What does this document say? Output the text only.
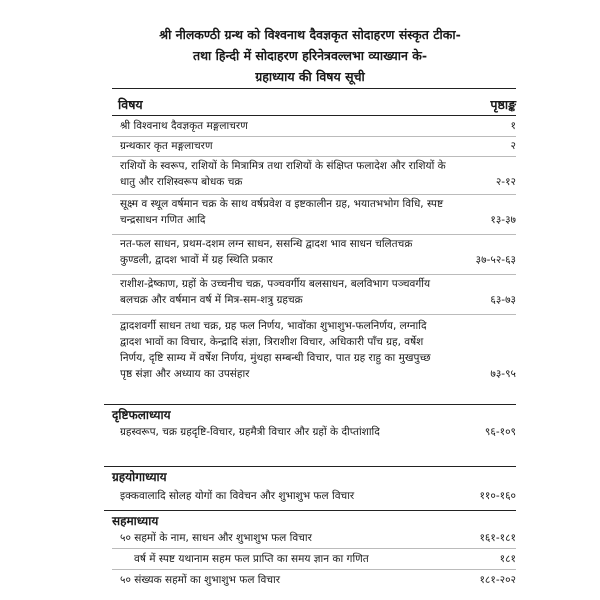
श्री नीलकण्ठी ग्रन्थ को विश्वनाथ दैवज्ञकृत सोदाहरण संस्कृत टीका-
तथा हिन्दी में सोदाहरण हरिनेत्रवल्लभा व्याख्यान के-
ग्रहाध्याय की विषय सूची
विषय	पृष्ठाङ्क
श्री विश्वनाथ दैवज्ञकृत मङ्गलाचरण	१
ग्रन्थकार कृत मङ्गलाचरण	२
राशियों के स्वरूप, राशियों के मित्रामित्र तथा राशियों के संक्षिप्त फलादेश और राशियों के धातु और राशिस्वरूप बोधक चक्र	२-१२
सूक्ष्म व स्थूल वर्षमान चक्र के साथ वर्षप्रवेश व इष्टकालीन ग्रह, भयातभभोग विधि, स्पष्ट चन्द्रसाधन गणित आदि	१३-३७
नत-फल साधन, प्रथम-दशम लग्न साधन, ससन्धि द्वादश भाव साधन चलितचक्र कुण्डली, द्वादश भावों में ग्रह स्थिति प्रकार	३७-५२-६३
राशीश-द्रेष्काण, ग्रहों के उच्चनीच चक्र, पञ्चवर्गीय बलसाधन, बलविभाग पञ्चवर्गीय बलचक्र और वर्षमान वर्ष में मित्र-सम-शत्रु ग्रहचक्र	६३-७३
द्वादशवर्गी साधन तथा चक्र, ग्रह फल निर्णय, भावोंका शुभाशुभ-फलनिर्णय, लग्नादि द्वादश भावों का विचार, केन्द्रादि संज्ञा, त्रिराशीश विचार, अधिकारी पाँच ग्रह, वर्षेश निर्णय, दृष्टि साम्य में वर्षेश निर्णय, मुंथहा सम्बन्धी विचार, पात ग्रह राहु का मुखपुच्छ पृष्ठ संज्ञा और अध्याय का उपसंहार	७३-९५
दृष्टिफलाध्याय
ग्रहस्वरूप, चक्र ग्रहदृष्टि-विचार, ग्रहमैत्री विचार और ग्रहों के दीप्तांशादि	९६-१०९
ग्रहयोगाध्याय
इक्कवालादि सोलह योगों का विवेचन और शुभाशुभ फल विचार	११०-१६०
सहमाध्याय
५० सहमों के नाम, साधन और शुभाशुभ फल विचार	१६१-१८१
वर्ष में स्पष्ट यथानाम सहम फल प्राप्ति का समय ज्ञान का गणित	१८१
५० संख्यक सहमों का शुभाशुभ फल विचार	१८१-२०२
